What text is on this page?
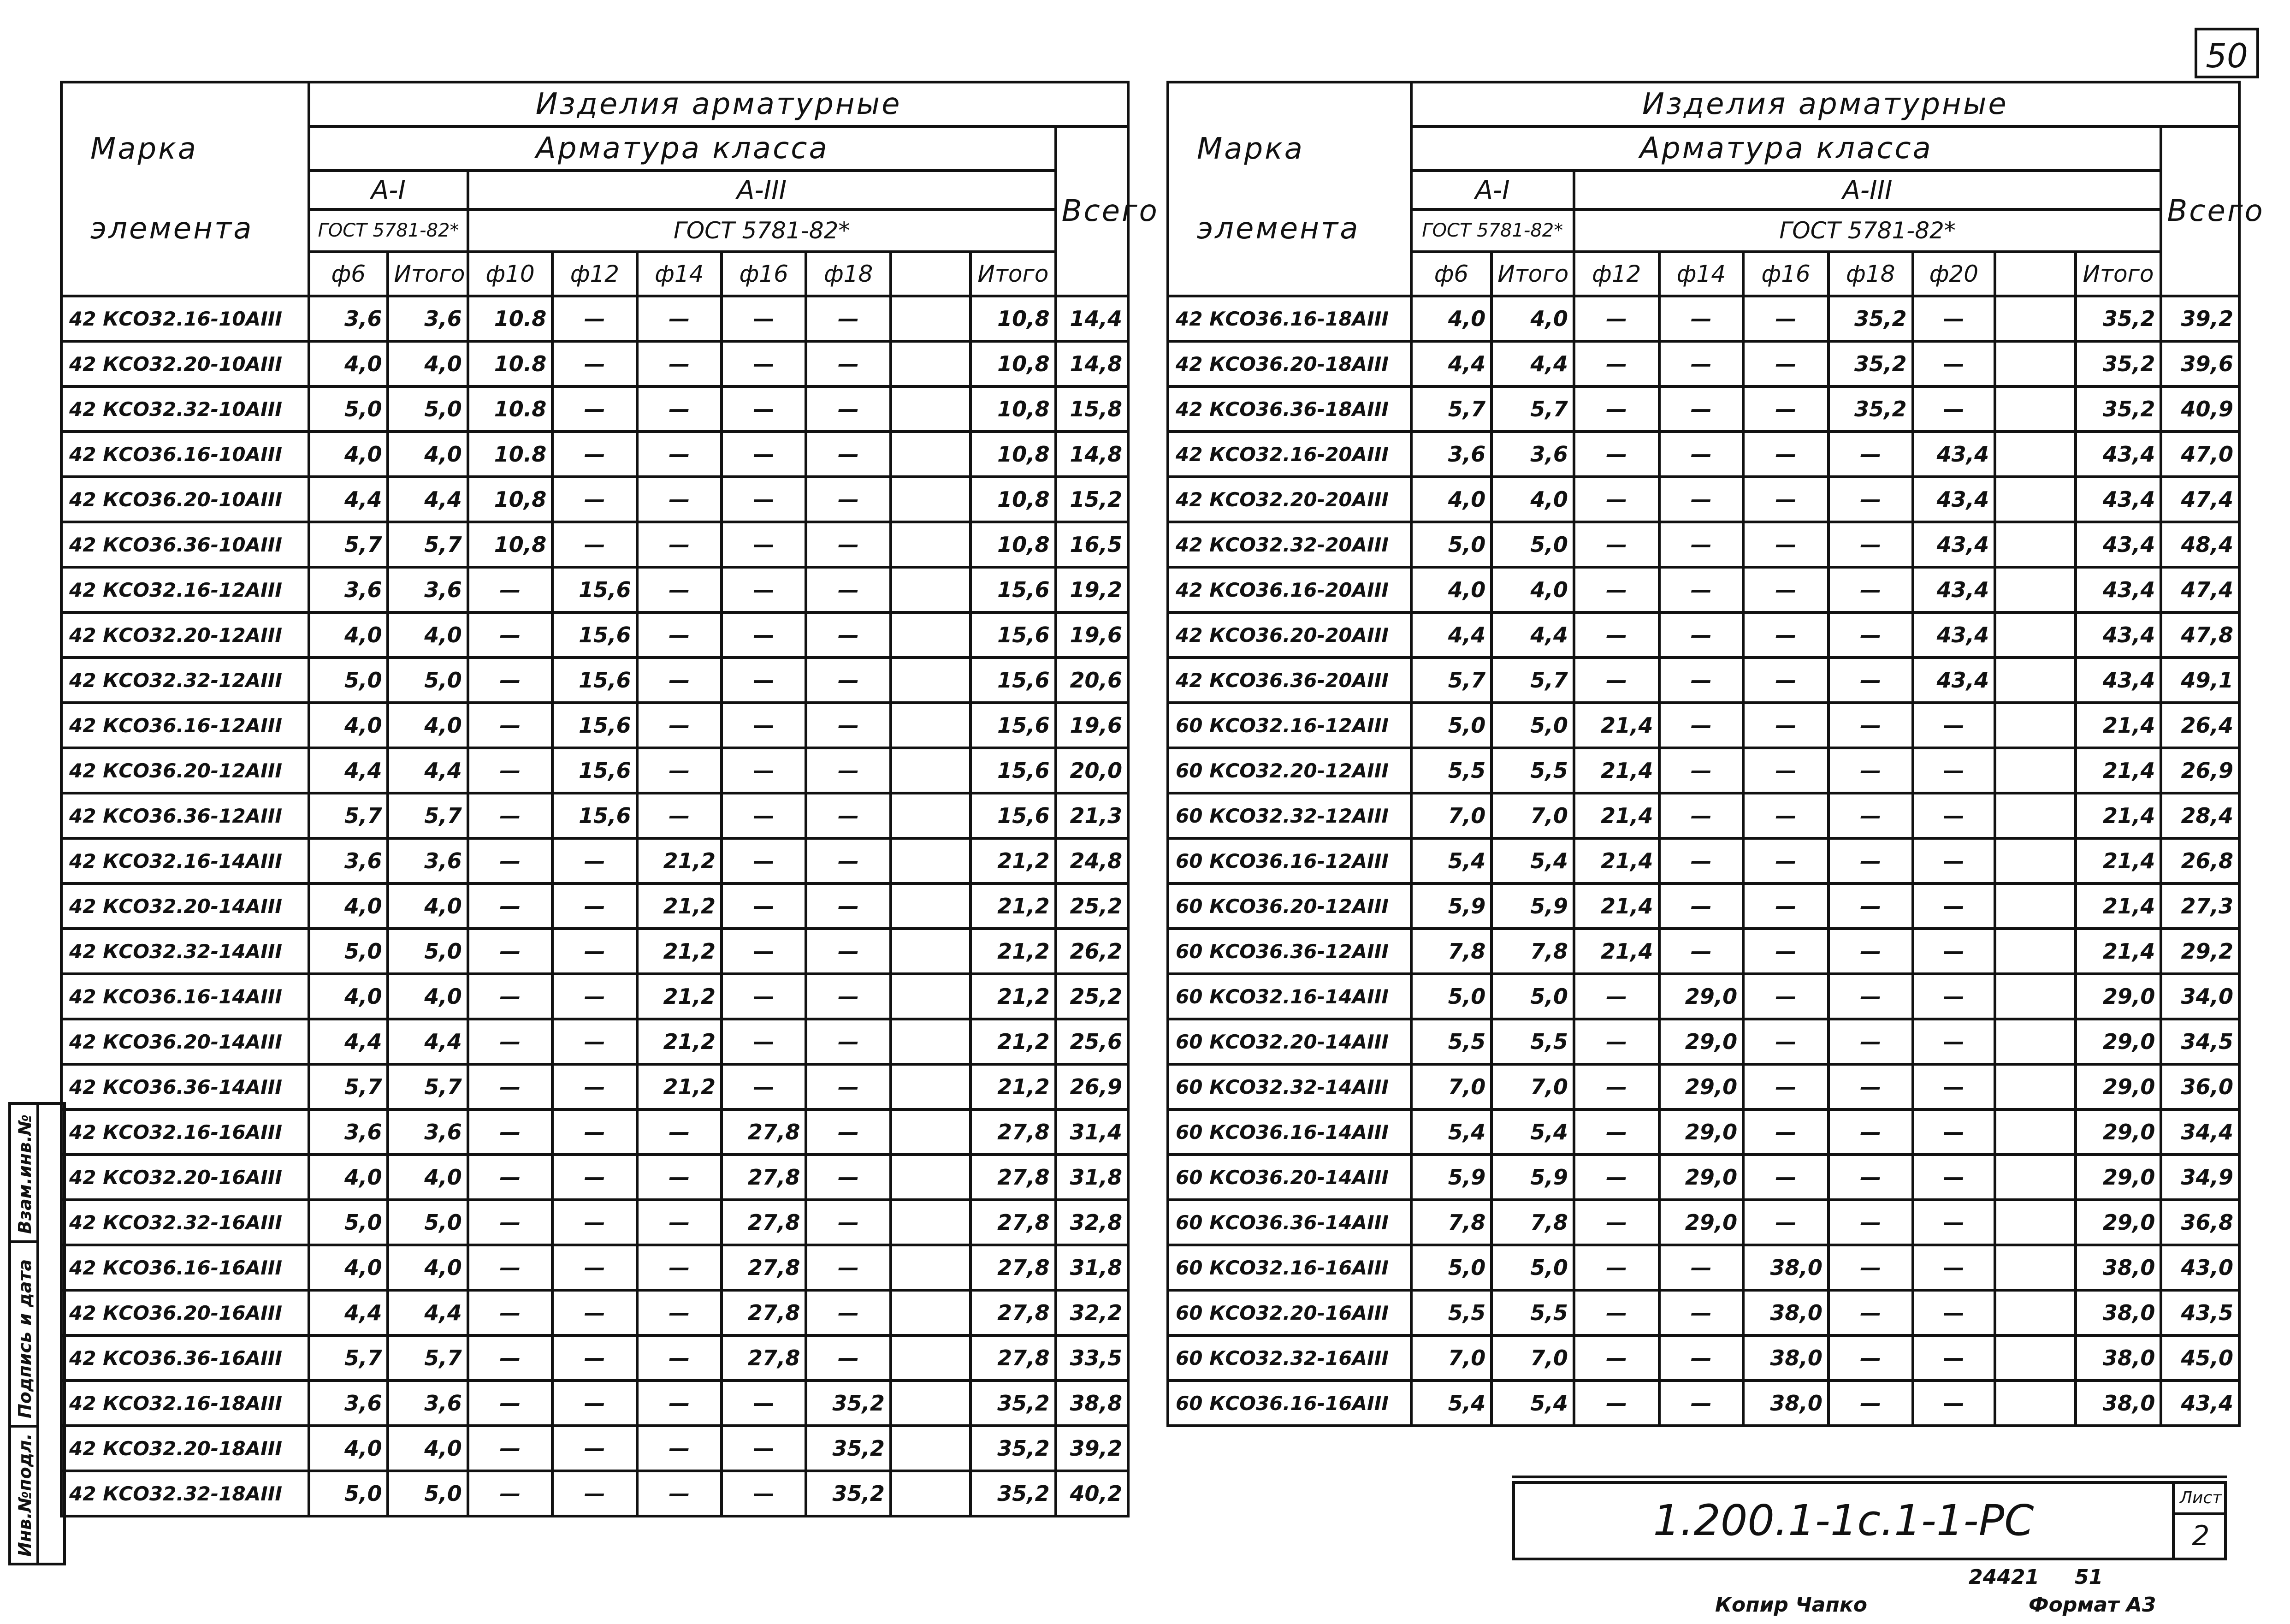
50
Марка

элемента	Изделия арматурные									
	Арматура класса									Всего
	А-I		А-III							
	ГОСТ 5781-82*		ГОСТ 5781-82*							
	ф6	Итого	ф10	ф12	ф14	ф16	ф18		Итого	
42 КСО32.16-10АIII	3,6	3,6	10.8	—	—	—	—		10,8	14,4
42 КСО32.20-10АIII	4,0	4,0	10.8	—	—	—	—		10,8	14,8
42 КСО32.32-10АIII	5,0	5,0	10.8	—	—	—	—		10,8	15,8
42 КСО36.16-10АIII	4,0	4,0	10.8	—	—	—	—		10,8	14,8
42 КСО36.20-10АIII	4,4	4,4	10,8	—	—	—	—		10,8	15,2
42 КСО36.36-10АIII	5,7	5,7	10,8	—	—	—	—		10,8	16,5
42 КСО32.16-12АIII	3,6	3,6	—	15,6	—	—	—		15,6	19,2
42 КСО32.20-12АIII	4,0	4,0	—	15,6	—	—	—		15,6	19,6
42 КСО32.32-12АIII	5,0	5,0	—	15,6	—	—	—		15,6	20,6
42 КСО36.16-12АIII	4,0	4,0	—	15,6	—	—	—		15,6	19,6
42 КСО36.20-12АIII	4,4	4,4	—	15,6	—	—	—		15,6	20,0
42 КСО36.36-12АIII	5,7	5,7	—	15,6	—	—	—		15,6	21,3
42 КСО32.16-14АIII	3,6	3,6	—	—	21,2	—	—		21,2	24,8
42 КСО32.20-14АIII	4,0	4,0	—	—	21,2	—	—		21,2	25,2
42 КСО32.32-14АIII	5,0	5,0	—	—	21,2	—	—		21,2	26,2
42 КСО36.16-14АIII	4,0	4,0	—	—	21,2	—	—		21,2	25,2
42 КСО36.20-14АIII	4,4	4,4	—	—	21,2	—	—		21,2	25,6
42 КСО36.36-14АIII	5,7	5,7	—	—	21,2	—	—		21,2	26,9
42 КСО32.16-16АIII	3,6	3,6	—	—	—	27,8	—		27,8	31,4
42 КСО32.20-16АIII	4,0	4,0	—	—	—	27,8	—		27,8	31,8
42 КСО32.32-16АIII	5,0	5,0	—	—	—	27,8	—		27,8	32,8
42 КСО36.16-16АIII	4,0	4,0	—	—	—	27,8	—		27,8	31,8
42 КСО36.20-16АIII	4,4	4,4	—	—	—	27,8	—		27,8	32,2
42 КСО36.36-16АIII	5,7	5,7	—	—	—	27,8	—		27,8	33,5
42 КСО32.16-18АIII	3,6	3,6	—	—	—	—	35,2		35,2	38,8
42 КСО32.20-18АIII	4,0	4,0	—	—	—	—	35,2		35,2	39,2
42 КСО32.32-18АIII	5,0	5,0	—	—	—	—	35,2		35,2	40,2
Марка

элемента	Изделия арматурные									
	Арматура класса									Всего
	А-I		А-III							
	ГОСТ 5781-82*		ГОСТ 5781-82*							
	ф6	Итого	ф12	ф14	ф16	ф18	ф20		Итого	
42 КСО36.16-18АIII	4,0	4,0	—	—	—	35,2	—		35,2	39,2
42 КСО36.20-18АIII	4,4	4,4	—	—	—	35,2	—		35,2	39,6
42 КСО36.36-18АIII	5,7	5,7	—	—	—	35,2	—		35,2	40,9
42 КСО32.16-20АIII	3,6	3,6	—	—	—	—	43,4		43,4	47,0
42 КСО32.20-20АIII	4,0	4,0	—	—	—	—	43,4		43,4	47,4
42 КСО32.32-20АIII	5,0	5,0	—	—	—	—	43,4		43,4	48,4
42 КСО36.16-20АIII	4,0	4,0	—	—	—	—	43,4		43,4	47,4
42 КСО36.20-20АIII	4,4	4,4	—	—	—	—	43,4		43,4	47,8
42 КСО36.36-20АIII	5,7	5,7	—	—	—	—	43,4		43,4	49,1
60 КСО32.16-12АIII	5,0	5,0	21,4	—	—	—	—		21,4	26,4
60 КСО32.20-12АIII	5,5	5,5	21,4	—	—	—	—		21,4	26,9
60 КСО32.32-12АIII	7,0	7,0	21,4	—	—	—	—		21,4	28,4
60 КСО36.16-12АIII	5,4	5,4	21,4	—	—	—	—		21,4	26,8
60 КСО36.20-12АIII	5,9	5,9	21,4	—	—	—	—		21,4	27,3
60 КСО36.36-12АIII	7,8	7,8	21,4	—	—	—	—		21,4	29,2
60 КСО32.16-14АIII	5,0	5,0	—	29,0	—	—	—		29,0	34,0
60 КСО32.20-14АIII	5,5	5,5	—	29,0	—	—	—		29,0	34,5
60 КСО32.32-14АIII	7,0	7,0	—	29,0	—	—	—		29,0	36,0
60 КСО36.16-14АIII	5,4	5,4	—	29,0	—	—	—		29,0	34,4
60 КСО36.20-14АIII	5,9	5,9	—	29,0	—	—	—		29,0	34,9
60 КСО36.36-14АIII	7,8	7,8	—	29,0	—	—	—		29,0	36,8
60 КСО32.16-16АIII	5,0	5,0	—	—	38,0	—	—		38,0	43,0
60 КСО32.20-16АIII	5,5	5,5	—	—	38,0	—	—		38,0	43,5
60 КСО32.32-16АIII	7,0	7,0	—	—	38,0	—	—		38,0	45,0
60 КСО36.16-16АIII	5,4	5,4	—	—	38,0	—	—		38,0	43,4
1.200.1-1с.1-1-РС	Лист
2
Взам.инв.№
Подпись и дата
Инв.№подл.
24421 51
Копир Чапко	Формат А3
